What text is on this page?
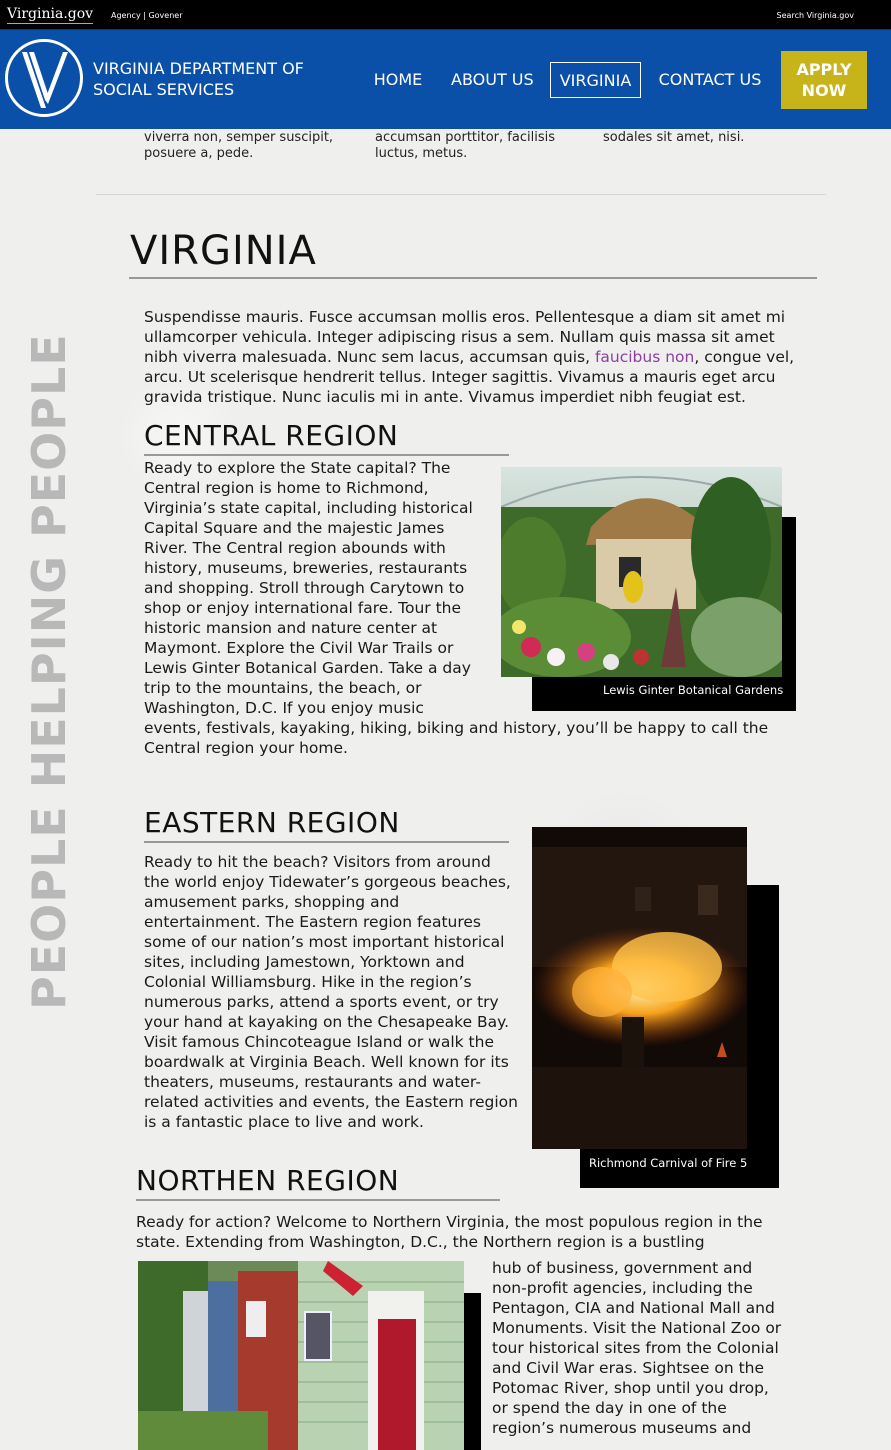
Virginia.gov Agency | Govener	Search Virginia.gov
VIRGINIA DEPARTMENT OF
SOCIAL SERVICES
HOME ABOUT US	VIRGINIA	CONTACT US
APPLY
NOW
PEOPLE HELPING PEOPLE
viverra non, semper suscipit, posuere a, pede.
accumsan porttitor, facilisis luctus, metus.
sodales sit amet, nisi.
VIRGINIA

Suspendisse mauris. Fusce accumsan mollis eros. Pellentesque a diam sit amet mi ullamcorper vehicula. Integer adipiscing risus a sem. Nullam quis massa sit amet nibh viverra malesuada. Nunc sem lacus, accumsan quis, faucibus non, congue vel, arcu. Ut scelerisque hendrerit tellus. Integer sagittis. Vivamus a mauris eget arcu gravida tristique. Nunc iaculis mi in ante. Vivamus imperdiet nibh feugiat est.

CENTRAL REGION

Ready to explore the State capital? The Central region is home to Richmond, Virginia’s state capital, including historical Capital Square and the majestic James River. The Central region abounds with history, museums, breweries, restaurants and shopping. Stroll through Carytown to shop or enjoy international fare. Tour the historic mansion and nature center at Maymont. Explore the Civil War Trails or Lewis Ginter Botanical Garden. Take a day trip to the mountains, the beach, or Washington, D.C. If you enjoy music

events, festivals, kayaking, hiking, biking and history, you’ll be happy to call the Central region your home.

Lewis Ginter Botanical Gardens
EASTERN REGION

Ready to hit the beach? Visitors from around the world enjoy Tidewater’s gorgeous beaches, amusement parks, shopping and entertainment. The Eastern region features some of our nation’s most important historical sites, including Jamestown, Yorktown and Colonial Williamsburg. Hike in the region’s numerous parks, attend a sports event, or try your hand at kayaking on the Chesapeake Bay. Visit famous Chincoteague Island or walk the boardwalk at Virginia Beach. Well known for its theaters, museums, restaurants and water-related activities and events, the Eastern region is a fantastic place to live and work.

Richmond Carnival of Fire 5
NORTHEN REGION

Ready for action? Welcome to Northern Virginia, the most populous region in the state. Extending from Washington, D.C., the Northern region is a bustling

hub of business, government and non-profit agencies, including the Pentagon, CIA and National Mall and Monuments. Visit the National Zoo or tour historical sites from the Colonial and Civil War eras. Sightsee on the Potomac River, shop until you drop, or spend the day in one of the region’s numerous museums and
